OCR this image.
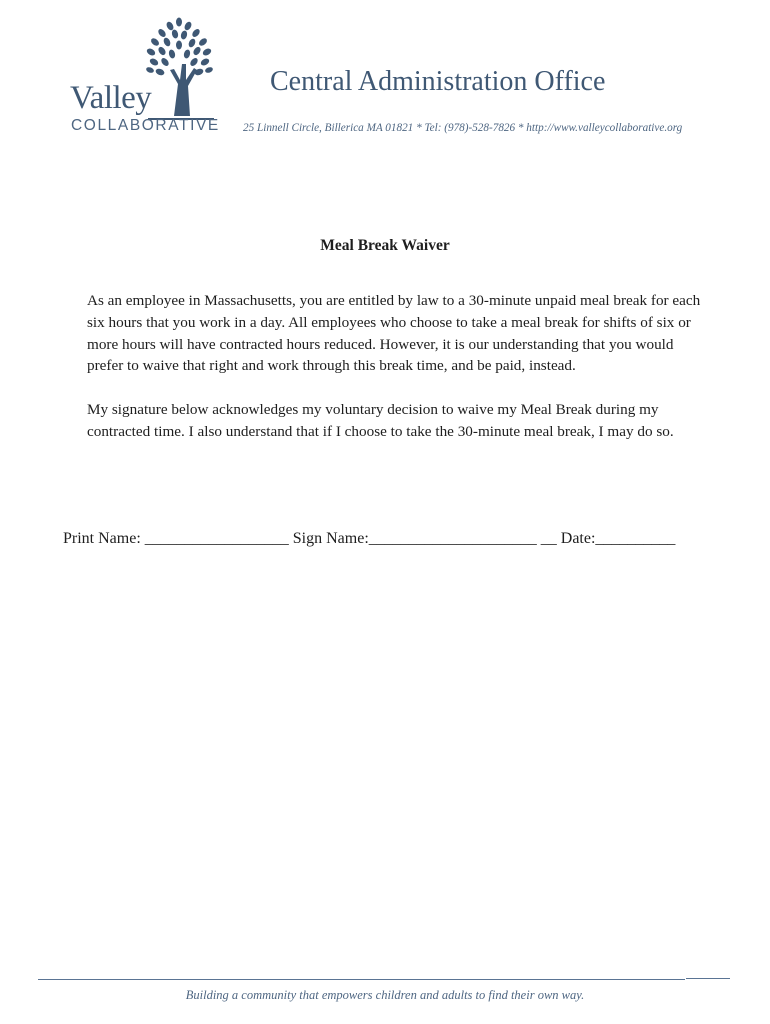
Valley
COLLABORATIVE
Central Administration Office
25 Linnell Circle, Billerica MA 01821 * Tel: (978)-528-7826 * http://www.valleycollaborative.org
Meal Break Waiver

As an employee in Massachusetts, you are entitled by law to a 30-minute unpaid meal break for each six hours that you work in a day. All employees who choose to take a meal break for shifts of six or more hours will have contracted hours reduced. However, it is our understanding that you would prefer to waive that right and work through this break time, and be paid, instead.

My signature below acknowledges my voluntary decision to waive my Meal Break during my contracted time. I also understand that if I choose to take the 30-minute meal break, I may do so.

Print Name: __________________ Sign Name:_____________________ __ Date:__________
Building a community that empowers children and adults to find their own way.
